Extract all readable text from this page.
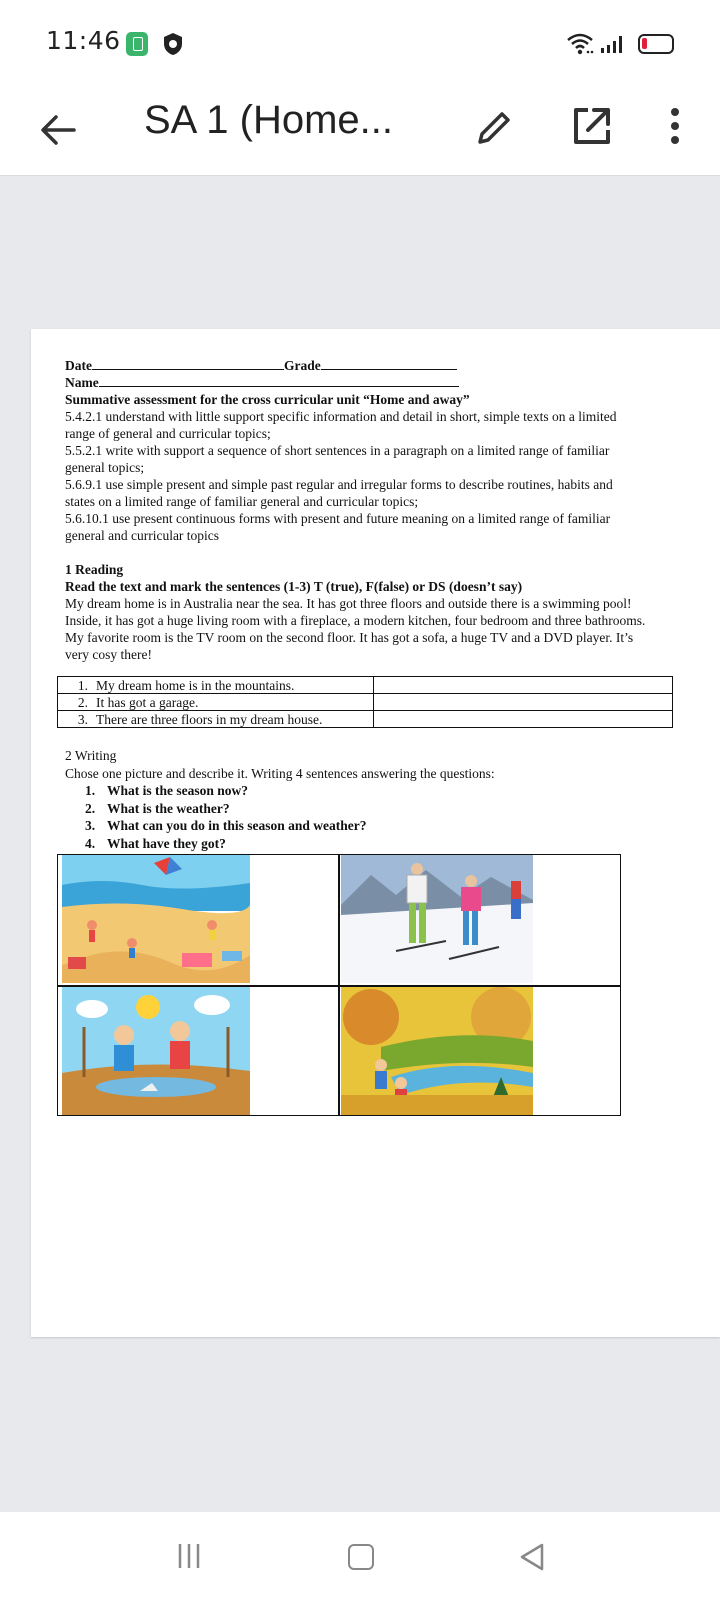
11:46
SA 1 (Home...
Date	Grade
Name
Summative assessment for the cross curricular unit “Home and away”
5.4.2.1 understand with little support specific information and detail in short, simple texts on a limited
range of general and curricular topics;
5.5.2.1 write with support a sequence of short sentences in a paragraph on a limited range of familiar
general topics;
5.6.9.1 use simple present and simple past regular and irregular forms to describe routines, habits and
states on a limited range of familiar general and curricular topics;
5.6.10.1 use present continuous forms with present and future meaning on a limited range of familiar
general and curricular topics
1 Reading
Read the text and mark the sentences (1-3) T (true), F(false) or DS (doesn’t say)
My dream home is in Australia near the sea. It has got three floors and outside there is a swimming pool!
Inside, it has got a huge living room with a fireplace, a modern kitchen, four bedroom and three bathrooms.
My favorite room is the TV room on the second floor. It has got a sofa, a huge TV and a DVD player. It’s
very cosy there!
1. My dream home is in the mountains.	
2. It has got a garage.	
3. There are three floors in my dream house.	
2 Writing
Chose one picture and describe it. Writing 4 sentences answering the questions:
1. What is the season now?
2. What is the weather?
3. What can you do in this season and weather?
4. What have they got?
